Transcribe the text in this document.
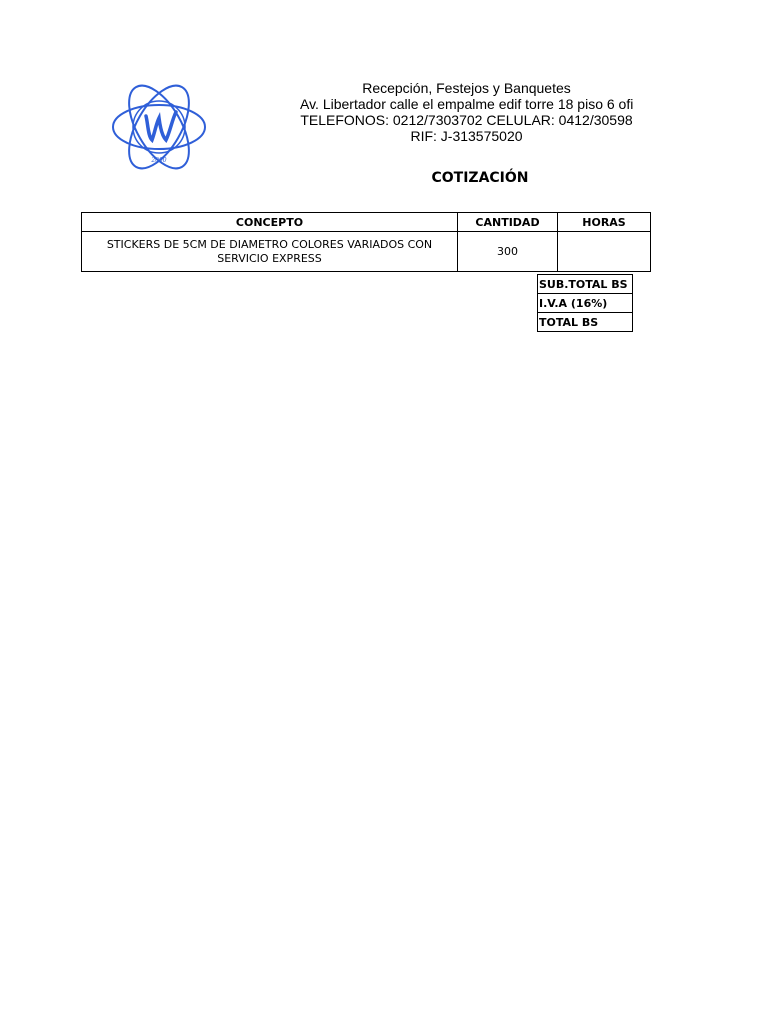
2000
Recepción, Festejos y Banquetes
Av. Libertador calle el empalme edif torre 18 piso 6 ofi
TELEFONOS: 0212/7303702 CELULAR: 0412/30598
RIF: J-313575020
COTIZACIÓN
CONCEPTO	CANTIDAD	HORAS
STICKERS DE 5CM DE DIAMETRO COLORES VARIADOS CON SERVICIO EXPRESS	300	
SUB.TOTAL BS
I.V.A (16%)
TOTAL BS
